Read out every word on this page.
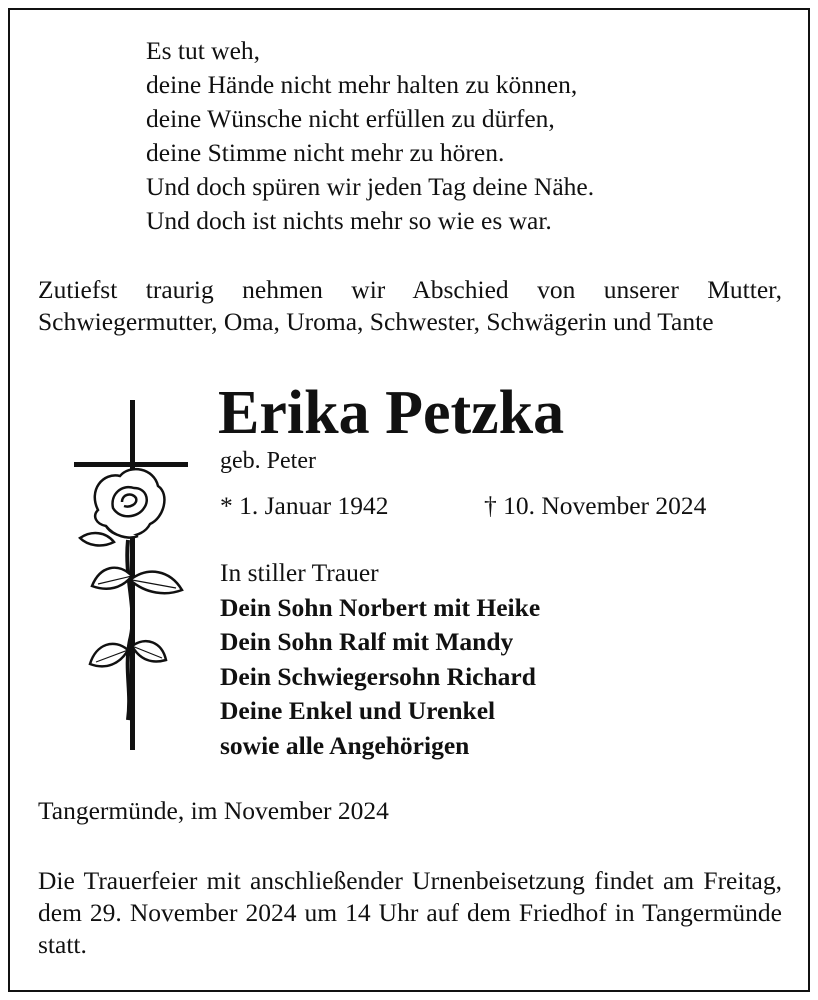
Es tut weh,
deine Hände nicht mehr halten zu können,
deine Wünsche nicht erfüllen zu dürfen,
deine Stimme nicht mehr zu hören.
Und doch spüren wir jeden Tag deine Nähe.
Und doch ist nichts mehr so wie es war.
Zutiefst traurig nehmen wir Abschied von unserer Mutter, Schwiegermutter, Oma, Uroma, Schwester, Schwägerin und Tante
Erika Petzka
geb. Peter
* 1. Januar 1942	† 10. November 2024
In stiller Trauer
Dein Sohn Norbert mit Heike
Dein Sohn Ralf mit Mandy
Dein Schwiegersohn Richard
Deine Enkel und Urenkel
sowie alle Angehörigen
Tangermünde, im November 2024
Die Trauerfeier mit anschließender Urnenbeisetzung findet am Freitag, dem 29. November 2024 um 14 Uhr auf dem Friedhof in Tangermünde statt.
